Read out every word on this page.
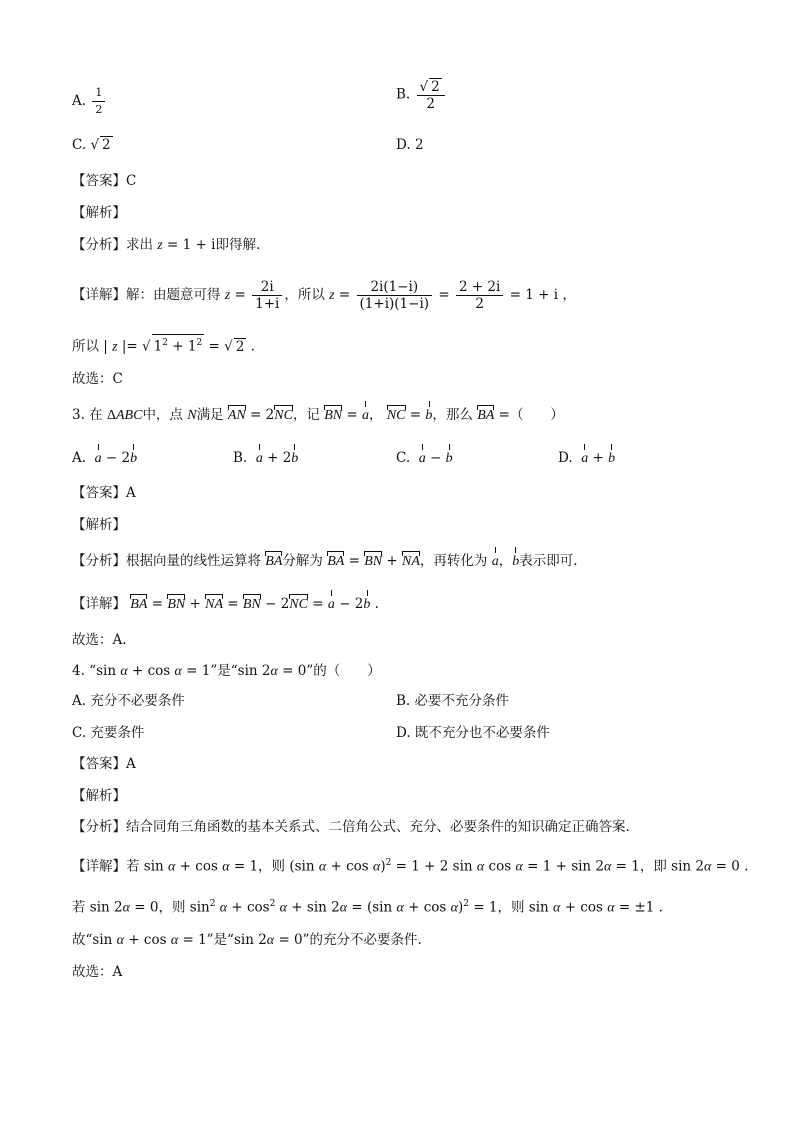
A. $\frac{1}{2}$	B. $\frac{√ 2}{2}$
C. √ 2	D. 2
【答案】C
【解析】
【分析】求出 z = 1 + i即得解.
【详解】解：由题意可得 $z = \frac{2i}{1+i}$ ，所以 $z = \frac{2i(1-i)}{(1+i)(1-i)} = \frac{2 + 2i}{2} = 1 + i$ ，
所以 | z |= √ $1^2 + 1^2$ = √ 2 .
故选：C
3. 在 ΔABC中，点 N满足 AN = 2NC，记 BN = a， NC = b，那么 BA =（　　）
A. a − 2b	B. a + 2b	C. a − b	D. a + b
【答案】A
【解析】
【分析】根据向量的线性运算将 BA分解为 BA = BN + NA，再转化为 a，b表示即可.
【详解】 BA = BN + NA = BN − 2NC = a − 2b .
故选：A.
4. “sin α + cos α = 1”是“sin 2α = 0”的（　　）
A. 充分不必要条件	B. 必要不充分条件
C. 充要条件	D. 既不充分也不必要条件
【答案】A
【解析】
【分析】结合同角三角函数的基本关系式、二倍角公式、充分、必要条件的知识确定正确答案.
【详解】若 sin α + cos α = 1，则 (sin α + cos α)$^2$ = 1 + 2 sin α cos α = 1 + sin 2α = 1，即 sin 2α = 0 .
若 sin 2α = 0，则 $\sin^2 \alpha + \cos^2 \alpha + \sin 2\alpha = (\sin$ α + cos α)$^2$ = 1，则 sin α + cos α = ±1 .
故“sin α + cos α = 1”是“sin 2α = 0”的充分不必要条件.
故选：A
